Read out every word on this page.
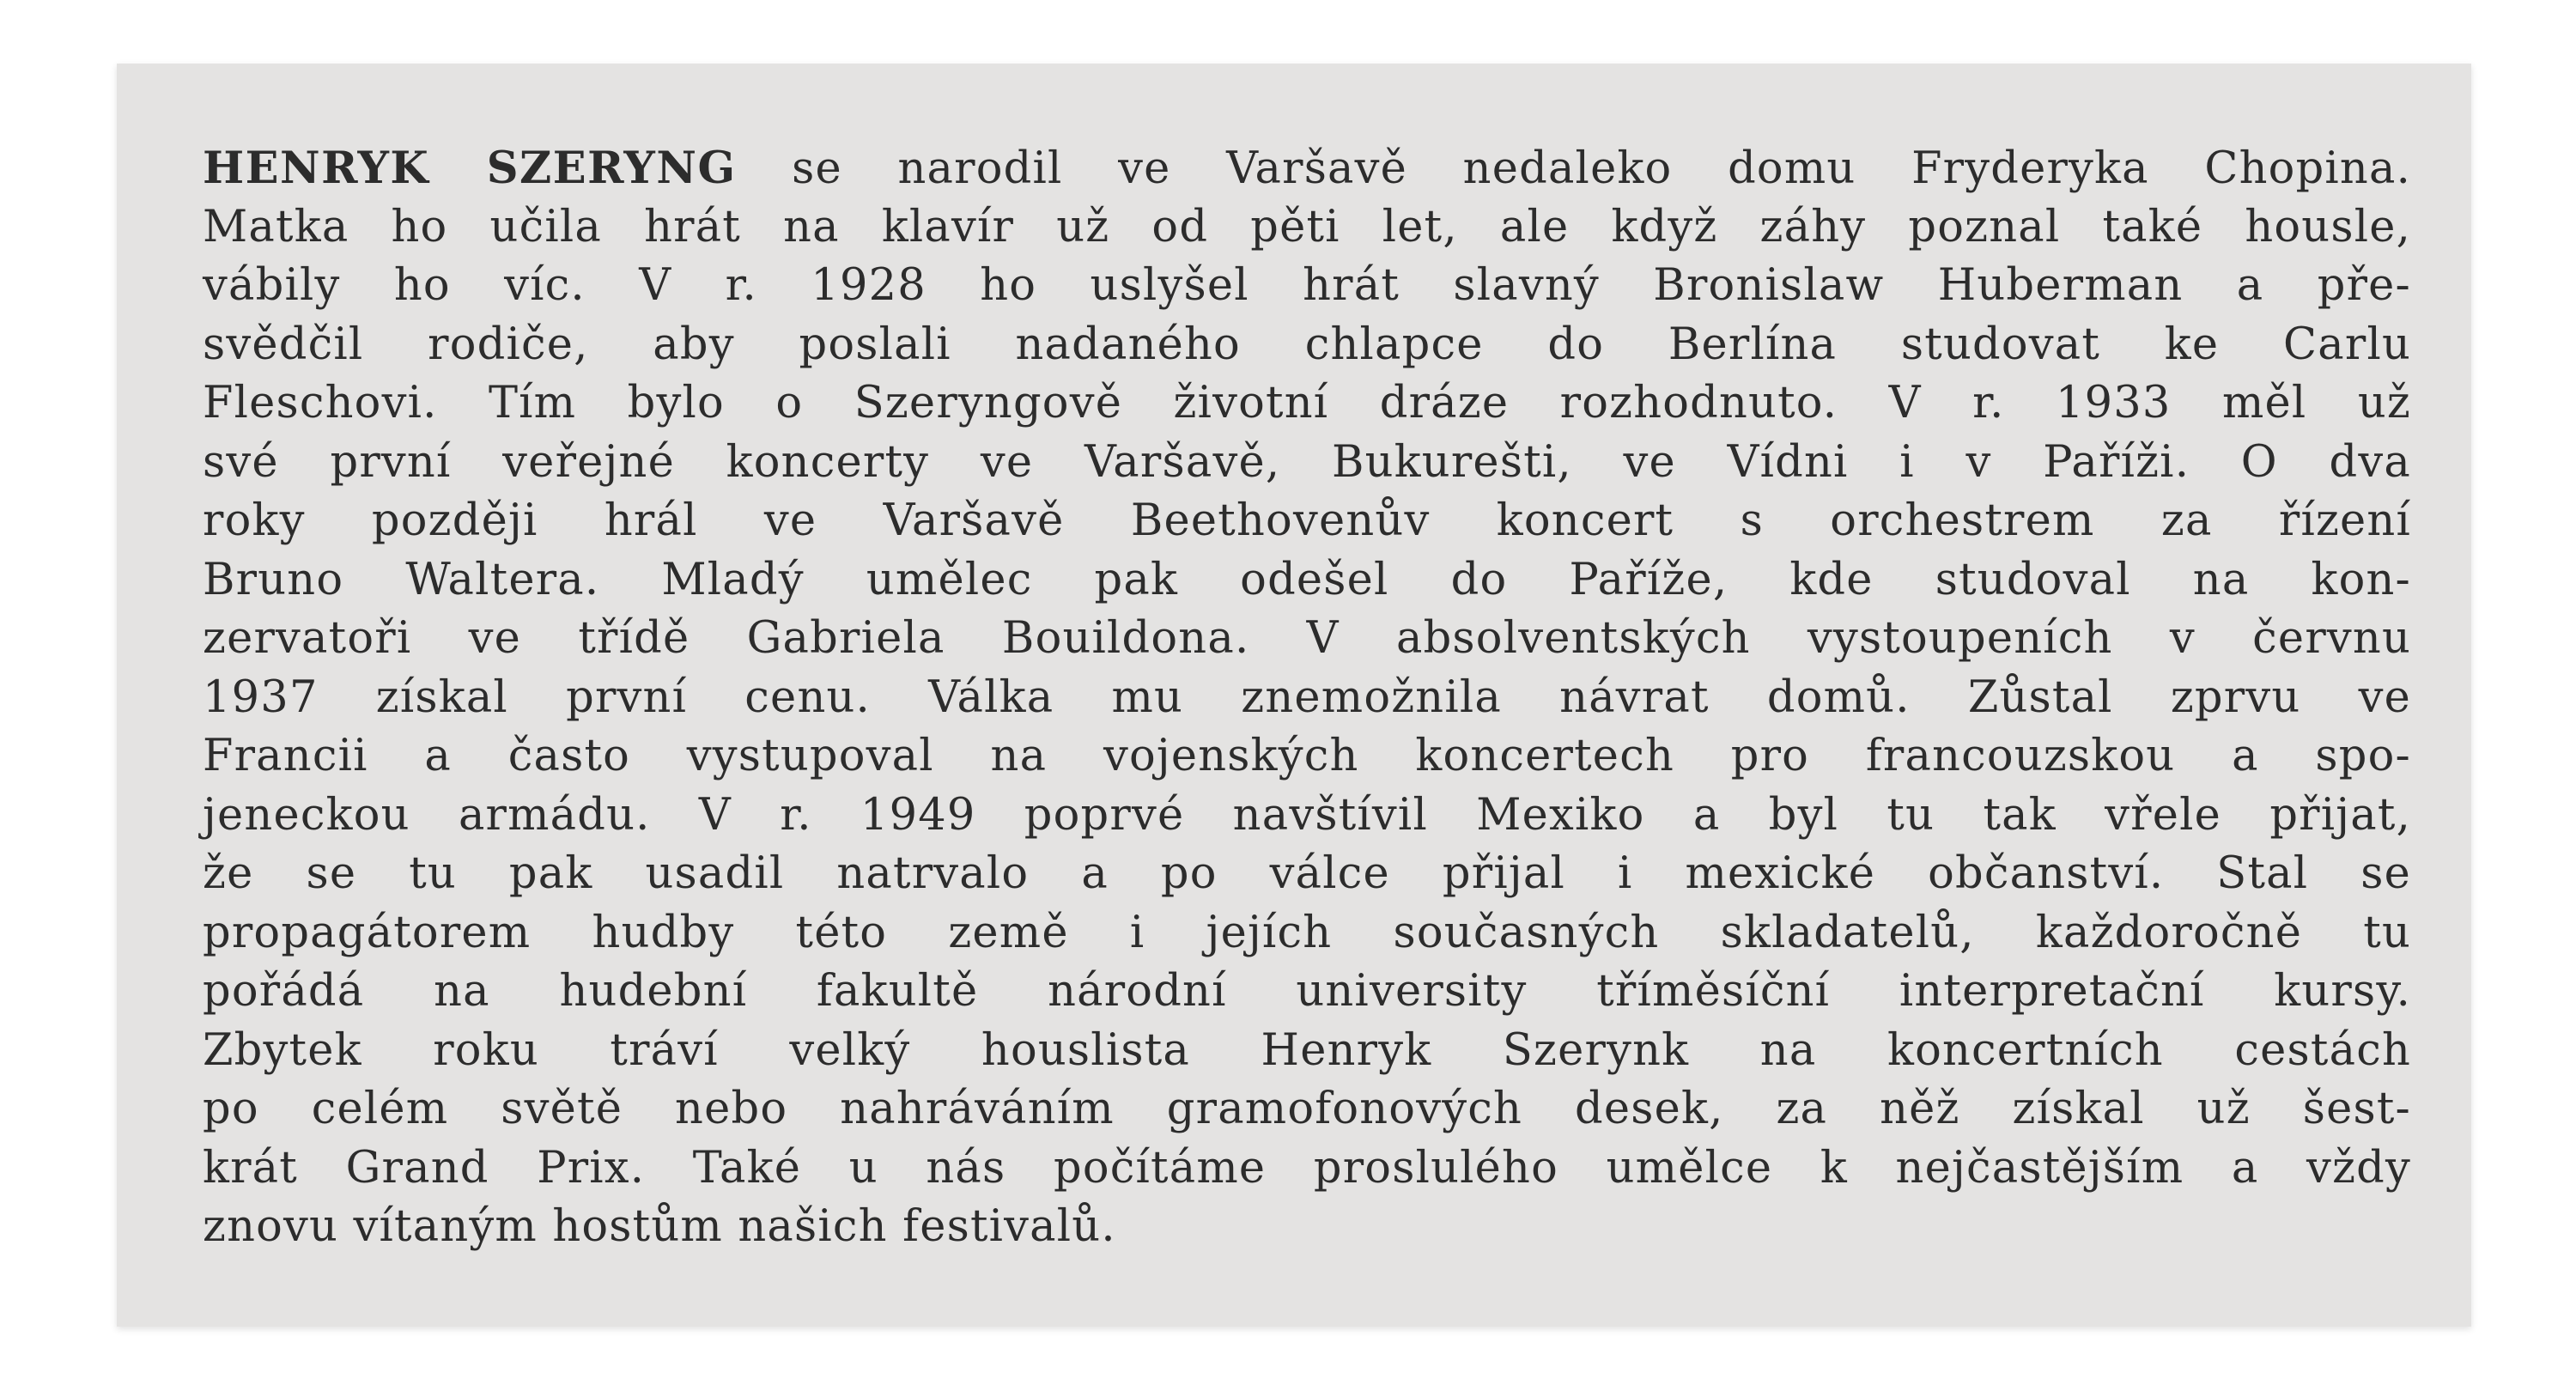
HENRYK SZERYNG se narodil ve Varšavě nedaleko domu Fryderyka Chopina.
Matka ho učila hrát na klavír už od pěti let, ale když záhy poznal také housle,
vábily ho víc. V r. 1928 ho uslyšel hrát slavný Bronislaw Huberman a pře-
svědčil rodiče, aby poslali nadaného chlapce do Berlína studovat ke Carlu
Fleschovi. Tím bylo o Szeryngově životní dráze rozhodnuto. V r. 1933 měl už
své první veřejné koncerty ve Varšavě, Bukurešti, ve Vídni i v Paříži. O dva
roky později hrál ve Varšavě Beethovenův koncert s orchestrem za řízení
Bruno Waltera. Mladý umělec pak odešel do Paříže, kde studoval na kon-
zervatoři ve třídě Gabriela Bouildona. V absolventských vystoupeních v červnu
1937 získal první cenu. Válka mu znemožnila návrat domů. Zůstal zprvu ve
Francii a často vystupoval na vojenských koncertech pro francouzskou a spo-
jeneckou armádu. V r. 1949 poprvé navštívil Mexiko a byl tu tak vřele přijat,
že se tu pak usadil natrvalo a po válce přijal i mexické občanství. Stal se
propagátorem hudby této země i jejích současných skladatelů, každoročně tu
pořádá na hudební fakultě národní university tříměsíční interpretační kursy.
Zbytek roku tráví velký houslista Henryk Szerynk na koncertních cestách
po celém světě nebo nahráváním gramofonových desek, za něž získal už šest-
krát Grand Prix. Také u nás počítáme proslulého umělce k nejčastějším a vždy
znovu vítaným hostům našich festivalů.
